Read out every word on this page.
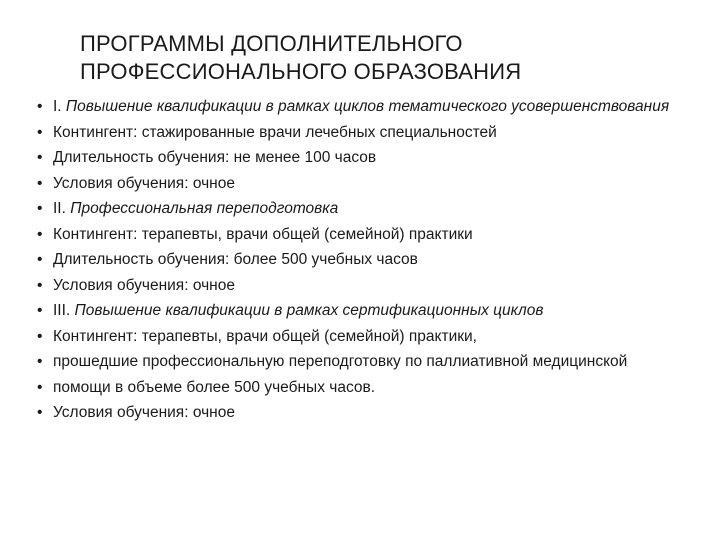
ПРОГРАММЫ ДОПОЛНИТЕЛЬНОГО
ПРОФЕССИОНАЛЬНОГО ОБРАЗОВАНИЯ
• I. Повышение квалификации в рамках циклов тематического усовершенствования
• Контингент: стажированные врачи лечебных специальностей
• Длительность обучения: не менее 100 часов
• Условия обучения: очное
• II. Профессиональная переподготовка
• Контингент: терапевты, врачи общей (семейной) практики
• Длительность обучения: более 500 учебных часов
• Условия обучения: очное
• III. Повышение квалификации в рамках сертификационных циклов
• Контингент: терапевты, врачи общей (семейной) практики,
• прошедшие профессиональную переподготовку по паллиативной медицинской
• помощи в объеме более 500 учебных часов.
• Условия обучения: очное
